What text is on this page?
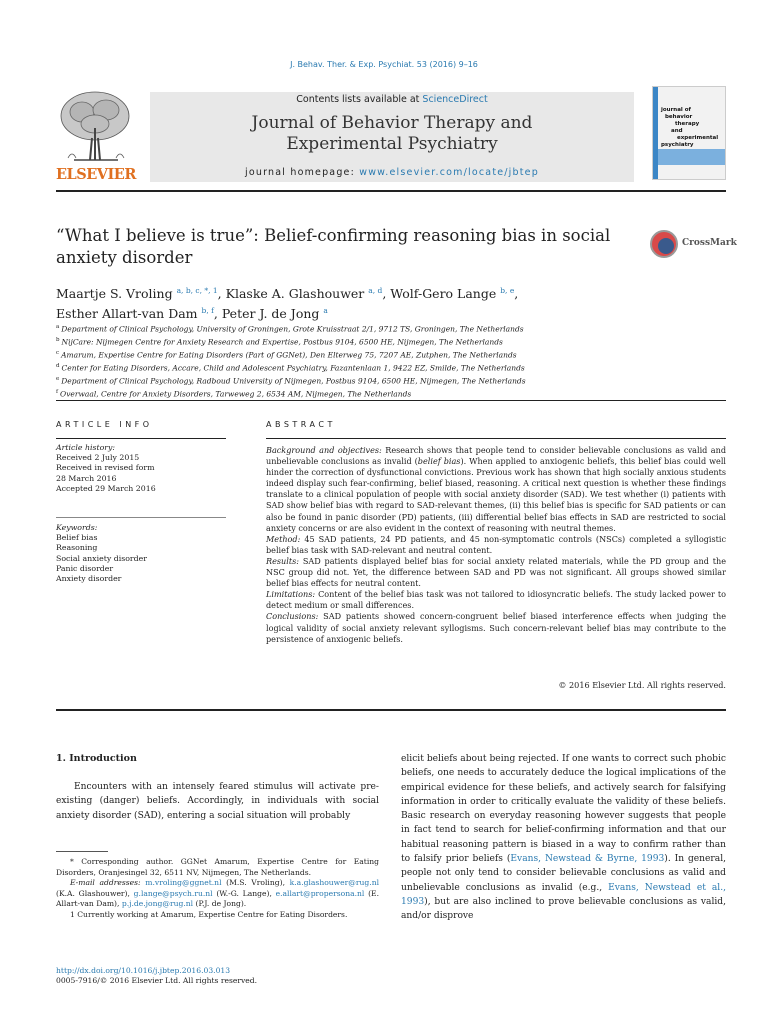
J. Behav. Ther. & Exp. Psychiat. 53 (2016) 9–16
ELSEVIER
Contents lists available at ScienceDirect
Journal of Behavior Therapy and
Experimental Psychiatry
journal homepage: www.elsevier.com/locate/jbtep
journal of
behavior
therapy
and
experimental
psychiatry
“What I believe is true”: Belief-confirming reasoning bias in social anxiety disorder
CrossMark
Maartje S. Vroling $^{a, b, c, *, 1}$, Klaske A. Glashouwer $^{a, d}$, Wolf-Gero Lange $^{b, e}$,
Esther Allart-van Dam $^{b, f}$, Peter J. de Jong $^a$
$^a$ Department of Clinical Psychology, University of Groningen, Grote Kruisstraat 2/1, 9712 TS, Groningen, The Netherlands
$^b$ NijCare: Nijmegen Centre for Anxiety Research and Expertise, Postbus 9104, 6500 HE, Nijmegen, The Netherlands
$^c$ Amarum, Expertise Centre for Eating Disorders (Part of GGNet), Den Elterweg 75, 7207 AE, Zutphen, The Netherlands
$^d$ Center for Eating Disorders, Accare, Child and Adolescent Psychiatry, Fazantenlaan 1, 9422 EZ, Smilde, The Netherlands
$^e$ Department of Clinical Psychology, Radboud University of Nijmegen, Postbus 9104, 6500 HE, Nijmegen, The Netherlands
$^f$ Overwaal, Centre for Anxiety Disorders, Tarweweg 2, 6534 AM, Nijmegen, The Netherlands
ARTICLE INFO
Article history:
Received 2 July 2015
Received in revised form
28 March 2016
Accepted 29 March 2016
Keywords:
Belief bias
Reasoning
Social anxiety disorder
Panic disorder
Anxiety disorder
ABSTRACT
Background and objectives: Research shows that people tend to consider believable conclusions as valid and unbelievable conclusions as invalid (belief bias). When applied to anxiogenic beliefs, this belief bias could well hinder the correction of dysfunctional convictions. Previous work has shown that high socially anxious students indeed display such fear-confirming, belief biased, reasoning. A critical next question is whether these findings translate to a clinical population of people with social anxiety disorder (SAD). We test whether (i) patients with SAD show belief bias with regard to SAD-relevant themes, (ii) this belief bias is specific for SAD patients or can also be found in panic disorder (PD) patients, (iii) differential belief bias effects in SAD are restricted to social anxiety concerns or are also evident in the context of reasoning with neutral themes.
Method: 45 SAD patients, 24 PD patients, and 45 non-symptomatic controls (NSCs) completed a syllogistic belief bias task with SAD-relevant and neutral content.
Results: SAD patients displayed belief bias for social anxiety related materials, while the PD group and the NSC group did not. Yet, the difference between SAD and PD was not significant. All groups showed similar belief bias effects for neutral content.
Limitations: Content of the belief bias task was not tailored to idiosyncratic beliefs. The study lacked power to detect medium or small differences.
Conclusions: SAD patients showed concern-congruent belief biased interference effects when judging the logical validity of social anxiety relevant syllogisms. Such concern-relevant belief bias may contribute to the persistence of anxiogenic beliefs.
© 2016 Elsevier Ltd. All rights reserved.
1. Introduction
Encounters with an intensely feared stimulus will activate pre-existing (danger) beliefs. Accordingly, in individuals with social anxiety disorder (SAD), entering a social situation will probably
* Corresponding author. GGNet Amarum, Expertise Centre for Eating Disorders, Oranjesingel 32, 6511 NV, Nijmegen, The Netherlands.
E-mail addresses: m.vroling@ggnet.nl (M.S. Vroling), k.a.glashouwer@rug.nl (K.A. Glashouwer), g.lange@psych.ru.nl (W.-G. Lange), e.allart@propersona.nl (E. Allart-van Dam), p.j.de.jong@rug.nl (P.J. de Jong).
1 Currently working at Amarum, Expertise Centre for Eating Disorders.
http://dx.doi.org/10.1016/j.jbtep.2016.03.013
0005-7916/© 2016 Elsevier Ltd. All rights reserved.
elicit beliefs about being rejected. If one wants to correct such phobic beliefs, one needs to accurately deduce the logical implications of the empirical evidence for these beliefs, and actively search for falsifying information in order to critically evaluate the validity of these beliefs. Basic research on everyday reasoning however suggests that people in fact tend to search for belief-confirming information and that our habitual reasoning pattern is biased in a way to confirm rather than to falsify prior beliefs (Evans, Newstead & Byrne, 1993). In general, people not only tend to consider believable conclusions as valid and unbelievable conclusions as invalid (e.g., Evans, Newstead et al., 1993), but are also inclined to prove believable conclusions as valid, and/or disprove
